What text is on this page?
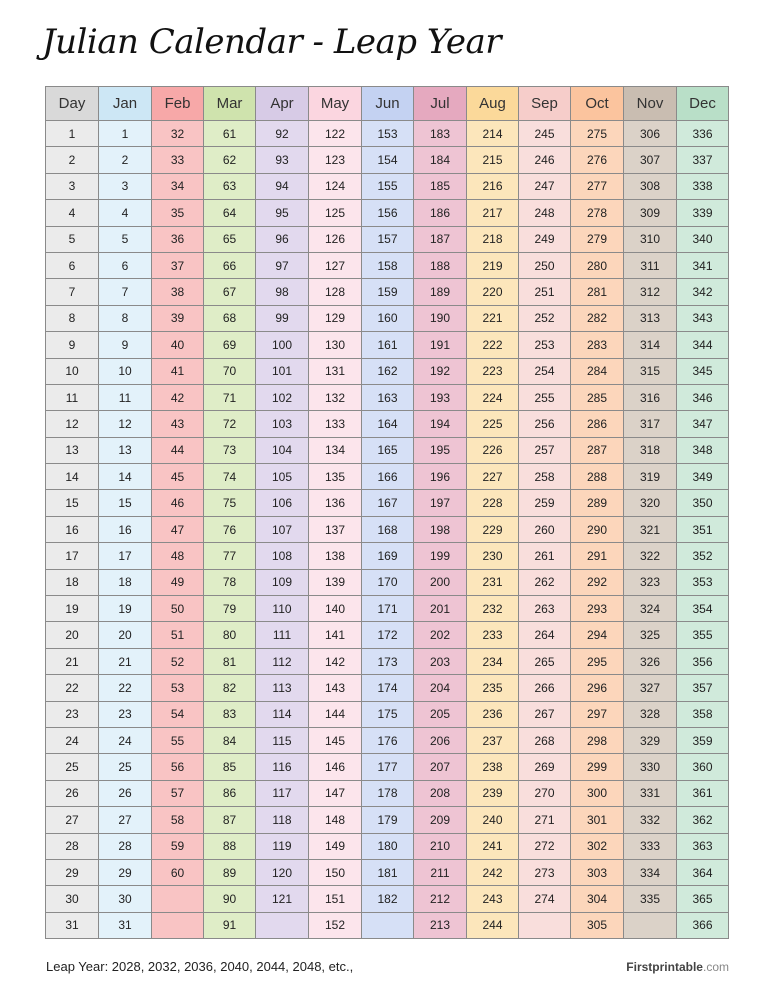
Julian Calendar - Leap Year
Day	Jan	Feb	Mar	Apr	May	Jun	Jul	Aug	Sep	Oct	Nov	Dec
1	1	32	61	92	122	153	183	214	245	275	306	336
2	2	33	62	93	123	154	184	215	246	276	307	337
3	3	34	63	94	124	155	185	216	247	277	308	338
4	4	35	64	95	125	156	186	217	248	278	309	339
5	5	36	65	96	126	157	187	218	249	279	310	340
6	6	37	66	97	127	158	188	219	250	280	311	341
7	7	38	67	98	128	159	189	220	251	281	312	342
8	8	39	68	99	129	160	190	221	252	282	313	343
9	9	40	69	100	130	161	191	222	253	283	314	344
10	10	41	70	101	131	162	192	223	254	284	315	345
11	11	42	71	102	132	163	193	224	255	285	316	346
12	12	43	72	103	133	164	194	225	256	286	317	347
13	13	44	73	104	134	165	195	226	257	287	318	348
14	14	45	74	105	135	166	196	227	258	288	319	349
15	15	46	75	106	136	167	197	228	259	289	320	350
16	16	47	76	107	137	168	198	229	260	290	321	351
17	17	48	77	108	138	169	199	230	261	291	322	352
18	18	49	78	109	139	170	200	231	262	292	323	353
19	19	50	79	110	140	171	201	232	263	293	324	354
20	20	51	80	111	141	172	202	233	264	294	325	355
21	21	52	81	112	142	173	203	234	265	295	326	356
22	22	53	82	113	143	174	204	235	266	296	327	357
23	23	54	83	114	144	175	205	236	267	297	328	358
24	24	55	84	115	145	176	206	237	268	298	329	359
25	25	56	85	116	146	177	207	238	269	299	330	360
26	26	57	86	117	147	178	208	239	270	300	331	361
27	27	58	87	118	148	179	209	240	271	301	332	362
28	28	59	88	119	149	180	210	241	272	302	333	363
29	29	60	89	120	150	181	211	242	273	303	334	364
30	30		90	121	151	182	212	243	274	304	335	365
31	31		91		152		213	244		305		366
Leap Year: 2028, 2032, 2036, 2040, 2044, 2048, etc.,	Firstprintable.com
